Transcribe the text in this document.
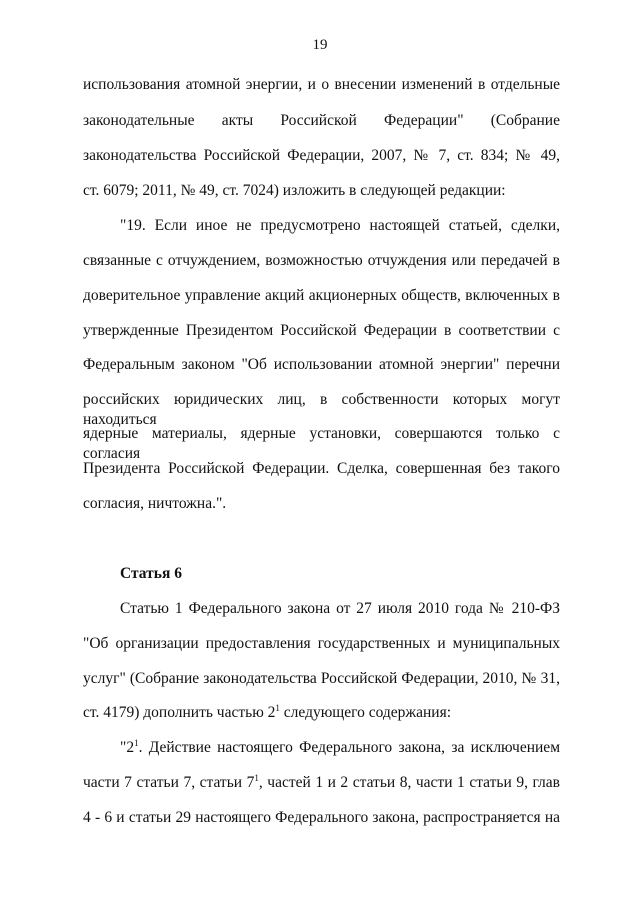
19
использования атомной энергии, и о внесении изменений в отдельные
законодательные акты Российской Федерации" (Собрание
законодательства Российской Федерации, 2007, № 7, ст. 834; № 49,
ст. 6079; 2011, № 49, ст. 7024) изложить в следующей редакции:
"19. Если иное не предусмотрено настоящей статьей, сделки,
связанные с отчуждением, возможностью отчуждения или передачей в
доверительное управление акций акционерных обществ, включенных в
утвержденные Президентом Российской Федерации в соответствии с
Федеральным законом "Об использовании атомной энергии" перечни
российских юридических лиц, в собственности которых могут находиться
ядерные материалы, ядерные установки, совершаются только с согласия
Президента Российской Федерации. Сделка, совершенная без такого
согласия, ничтожна.".
Статья 6
Статью 1 Федерального закона от 27 июля 2010 года № 210-ФЗ
"Об организации предоставления государственных и муниципальных
услуг" (Собрание законодательства Российской Федерации, 2010, № 31,
ст. 4179) дополнить частью $2^1$ следующего содержания:
"$2^1$. Действие настоящего Федерального закона, за исключением
части 7 статьи 7, статьи $7^1$, частей 1 и 2 статьи 8, части 1 статьи 9, глав
4 - 6 и статьи 29 настоящего Федерального закона, распространяется на
